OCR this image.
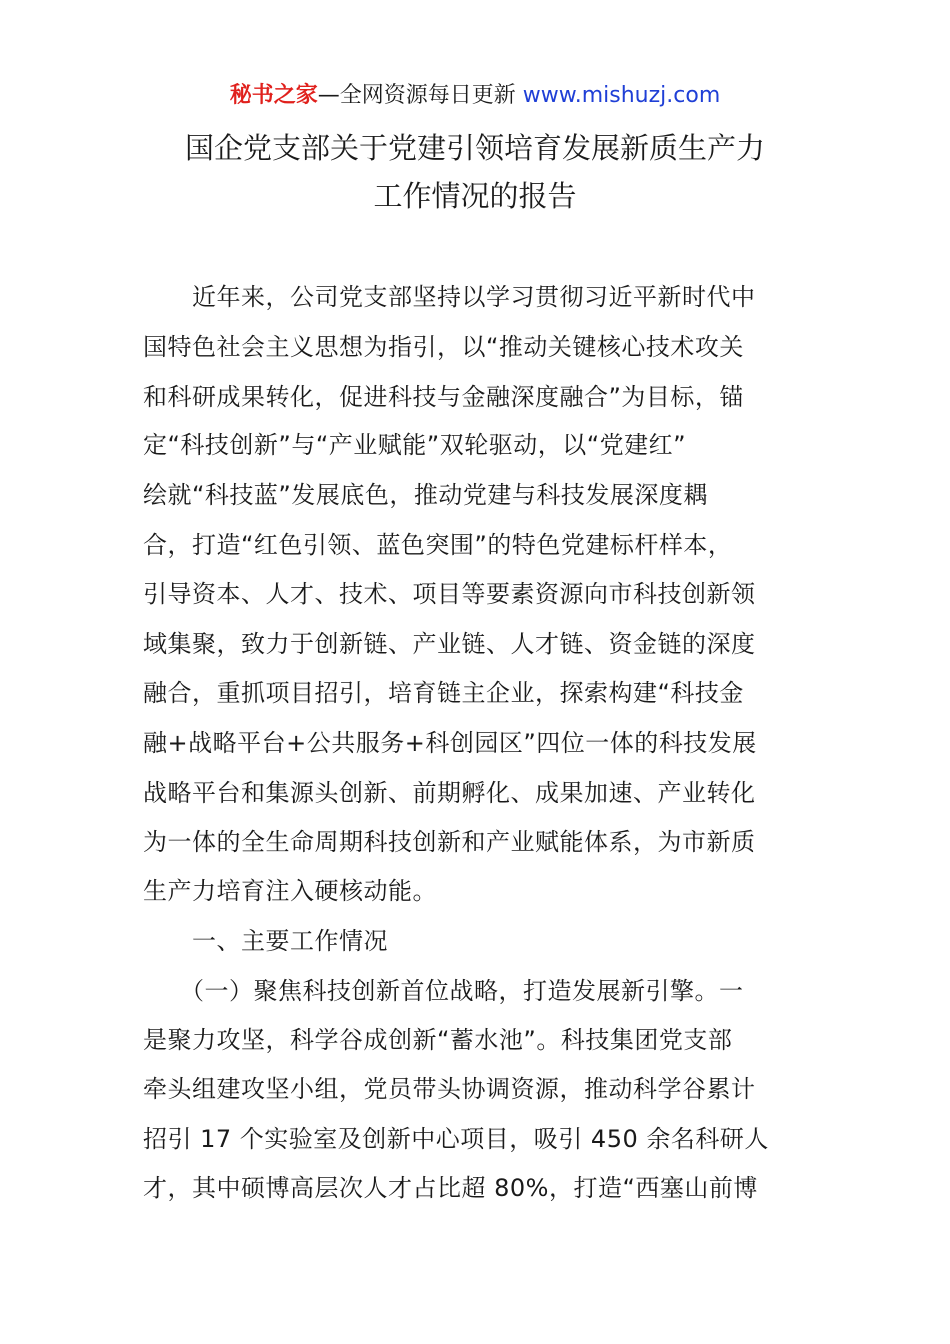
秘书之家—全网资源每日更新 www.mishuzj.com
国企党支部关于党建引领培育发展新质生产力
工作情况的报告
　　近年来，公司党支部坚持以学习贯彻习近平新时代中
国特色社会主义思想为指引，以“推动关键核心技术攻关
和科研成果转化，促进科技与金融深度融合”为目标，锚
定“科技创新”与“产业赋能”双轮驱动，以“党建红”
绘就“科技蓝”发展底色，推动党建与科技发展深度耦
合，打造“红色引领、蓝色突围”的特色党建标杆样本，
引导资本、人才、技术、项目等要素资源向市科技创新领
域集聚，致力于创新链、产业链、人才链、资金链的深度
融合，重抓项目招引，培育链主企业，探索构建“科技金
融+战略平台+公共服务+科创园区”四位一体的科技发展
战略平台和集源头创新、前期孵化、成果加速、产业转化
为一体的全生命周期科技创新和产业赋能体系，为市新质
生产力培育注入硬核动能。
　　一、主要工作情况
　　（一）聚焦科技创新首位战略，打造发展新引擎。一
是聚力攻坚，科学谷成创新“蓄水池”。科技集团党支部
牵头组建攻坚小组，党员带头协调资源，推动科学谷累计
招引 17 个实验室及创新中心项目，吸引 450 余名科研人
才，其中硕博高层次人才占比超 80%，打造“西塞山前博
